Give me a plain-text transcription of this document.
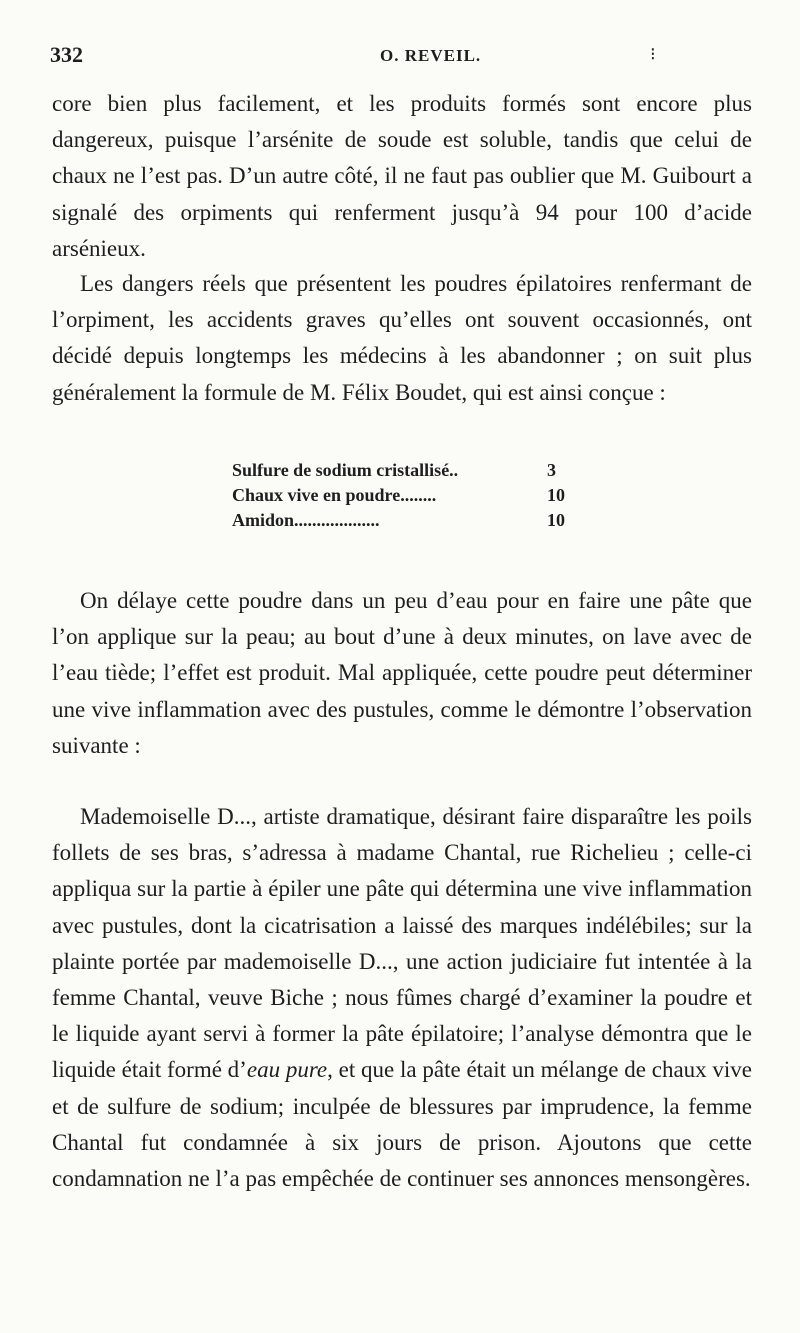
332	O. REVEIL.	⁝

core bien plus facilement, et les produits formés sont encore plus dangereux, puisque l’arsénite de soude est soluble, tandis que celui de chaux ne l’est pas. D’un autre côté, il ne faut pas oublier que M. Guibourt a signalé des orpiments qui renferment jusqu’à 94 pour 100 d’acide arsénieux.

Les dangers réels que présentent les poudres épilatoires renfermant de l’orpiment, les accidents graves qu’elles ont souvent occasionnés, ont décidé depuis longtemps les médecins à les abandonner ; on suit plus généralement la formule de M. Félix Boudet, qui est ainsi conçue :

Sulfure de sodium cristallisé..	3
Chaux vive en poudre........	10
Amidon...................	10

On délaye cette poudre dans un peu d’eau pour en faire une pâte que l’on applique sur la peau; au bout d’une à deux minutes, on lave avec de l’eau tiède; l’effet est produit. Mal appliquée, cette poudre peut déterminer une vive inflammation avec des pustules, comme le démontre l’observation suivante :

Mademoiselle D..., artiste dramatique, désirant faire disparaître les poils follets de ses bras, s’adressa à madame Chantal, rue Richelieu ; celle-ci appliqua sur la partie à épiler une pâte qui détermina une vive inflammation avec pustules, dont la cicatrisation a laissé des marques indélébiles; sur la plainte portée par mademoiselle D..., une action judiciaire fut intentée à la femme Chantal, veuve Biche ; nous fûmes chargé d’examiner la poudre et le liquide ayant servi à former la pâte épilatoire; l’analyse démontra que le liquide était formé d’eau pure, et que la pâte était un mélange de chaux vive et de sulfure de sodium; inculpée de blessures par imprudence, la femme Chantal fut condamnée à six jours de prison. Ajoutons que cette condamnation ne l’a pas empêchée de continuer ses annonces mensongères.
